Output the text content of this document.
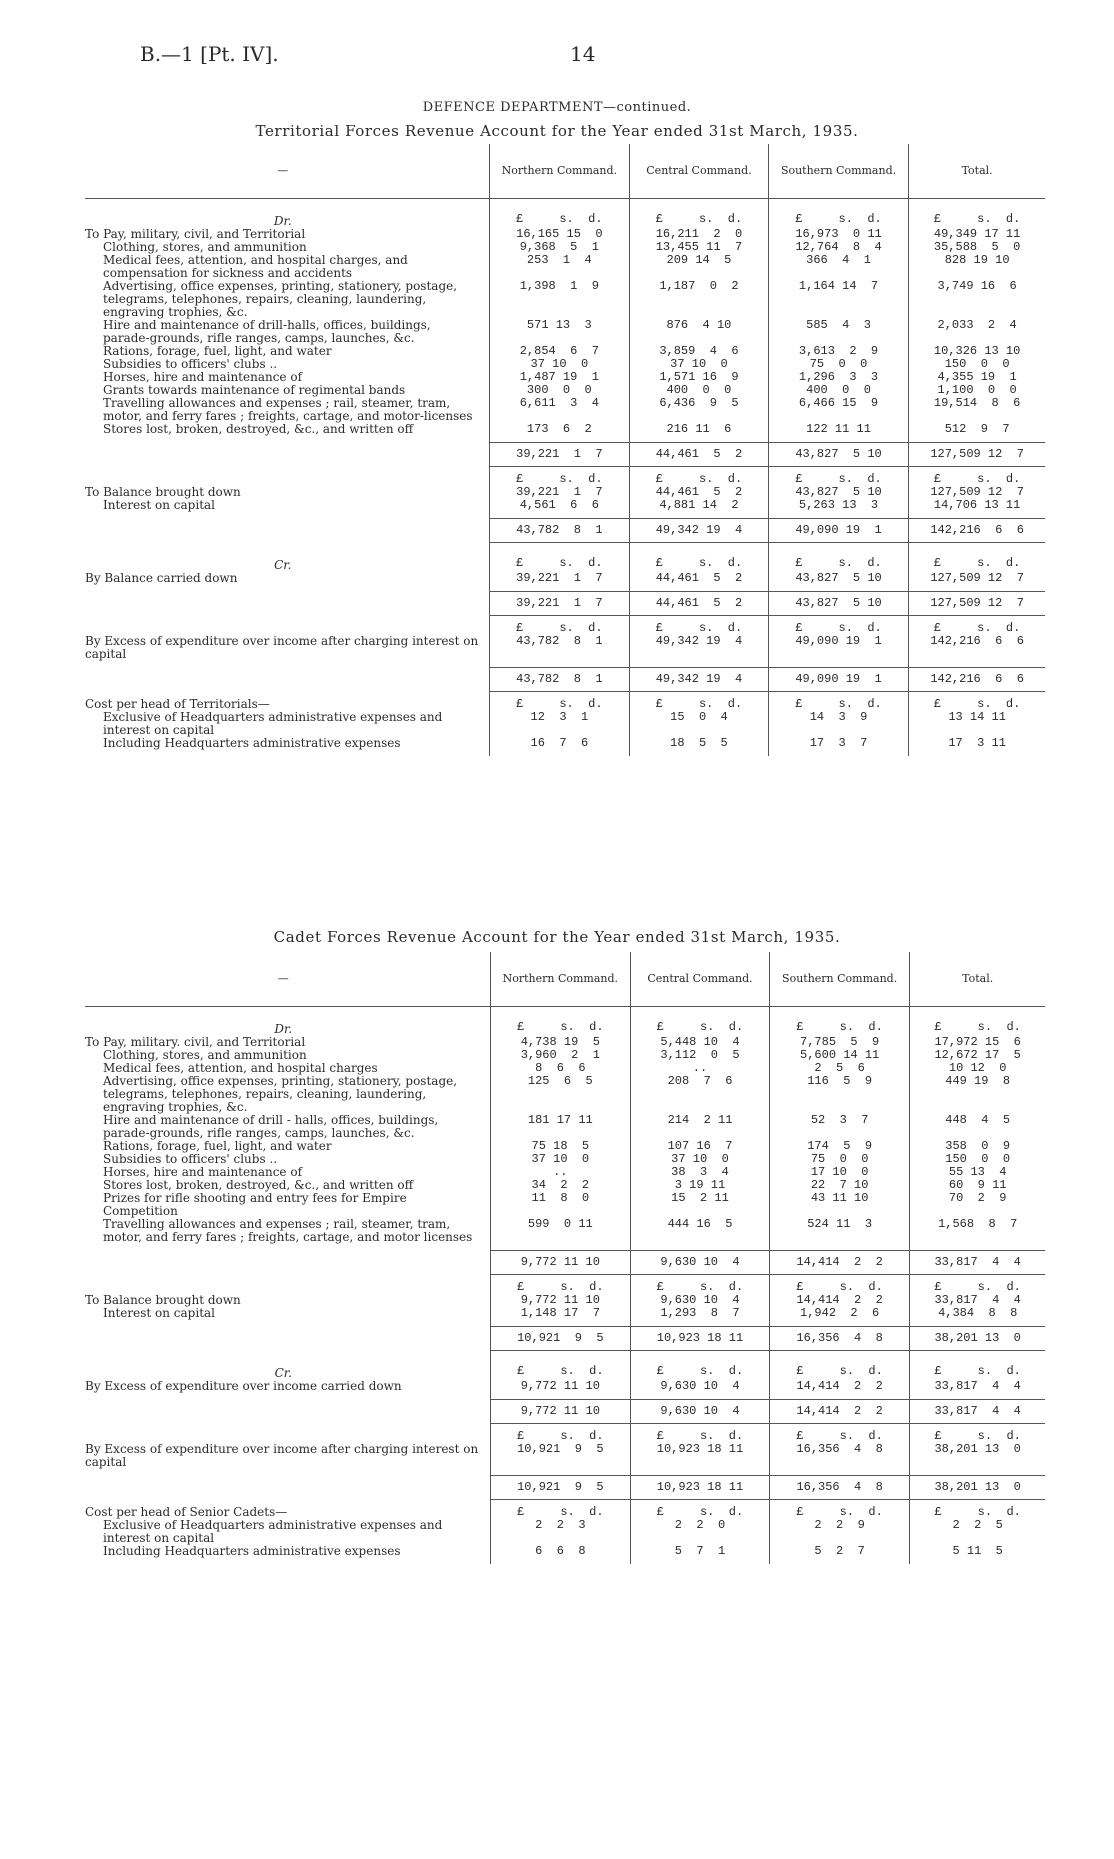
B.—1 [Pt. IV].	14
DEFENCE DEPARTMENT—continued.
Territorial Forces Revenue Account for the Year ended 31st March, 1935.
—	Northern Command.	Central Command.	Southern Command.	Total.

Dr.	£     s.  d.	£     s.  d.	£     s.  d.	£     s.  d.
To Pay, military, civil, and Territorial	16,165 15  0	16,211  2  0	16,973  0 11	49,349 17 11
Clothing, stores, and ammunition	9,368  5  1	13,455 11  7	12,764  8  4	35,588  5  0
Medical fees, attention, and hospital charges, and compensation for sickness and accidents	253  1  4	209 14  5	366  4  1	828 19 10
Advertising, office expenses, printing, stationery, postage, telegrams, telephones, repairs, cleaning, laundering, engraving trophies, &c.	1,398  1  9	1,187  0  2	1,164 14  7	3,749 16  6
Hire and maintenance of drill-halls, offices, buildings, parade-grounds, rifle ranges, camps, launches, &c.	571 13  3	876  4 10	585  4  3	2,033  2  4
Rations, forage, fuel, light, and water	2,854  6  7	3,859  4  6	3,613  2  9	10,326 13 10
Subsidies to officers' clubs ..	37 10  0	37 10  0	75  0  0	150  0  0
Horses, hire and maintenance of	1,487 19  1	1,571 16  9	1,296  3  3	4,355 19  1
Grants towards maintenance of regimental bands	300  0  0	400  0  0	400  0  0	1,100  0  0
Travelling allowances and expenses ; rail, steamer, tram, motor, and ferry fares ; freights, cartage, and motor-licenses	6,611  3  4	6,436  9  5	6,466 15  9	19,514  8  6
Stores lost, broken, destroyed, &c., and written off	173  6  2	216 11  6	122 11 11	512  9  7

	39,221  1  7	44,461  5  2	43,827  5 10	127,509 12  7

	£     s.  d.	£     s.  d.	£     s.  d.	£     s.  d.
To Balance brought down	39,221  1  7	44,461  5  2	43,827  5 10	127,509 12  7
Interest on capital	4,561  6  6	4,881 14  2	5,263 13  3	14,706 13 11

	43,782  8  1	49,342 19  4	49,090 19  1	142,216  6  6

Cr.	£     s.  d.	£     s.  d.	£     s.  d.	£     s.  d.
By Balance carried down	39,221  1  7	44,461  5  2	43,827  5 10	127,509 12  7

	39,221  1  7	44,461  5  2	43,827  5 10	127,509 12  7

	£     s.  d.	£     s.  d.	£     s.  d.	£     s.  d.
By Excess of expenditure over income after charging interest on capital	43,782  8  1	49,342 19  4	49,090 19  1	142,216  6  6

	43,782  8  1	49,342 19  4	49,090 19  1	142,216  6  6

Cost per head of Territorials—	£     s.  d.	£     s.  d.	£     s.  d.	£     s.  d.
Exclusive of Headquarters administrative expenses and interest on capital	12  3  1	15  0  4	14  3  9	13 14 11
Including Headquarters administrative expenses	16  7  6	18  5  5	17  3  7	17  3 11

Cadet Forces Revenue Account for the Year ended 31st March, 1935.
—	Northern Command.	Central Command.	Southern Command.	Total.

Dr.	£     s.  d.	£     s.  d.	£     s.  d.	£     s.  d.
To Pay, military. civil, and Territorial	4,738 19  5	5,448 10  4	7,785  5  9	17,972 15  6
Clothing, stores, and ammunition	3,960  2  1	3,112  0  5	5,600 14 11	12,672 17  5
Medical fees, attention, and hospital charges	8  6  6	..	2  5  6	10 12  0
Advertising, office expenses, printing, stationery, postage, telegrams, telephones, repairs, cleaning, laundering, engraving trophies, &c.	125  6  5	208  7  6	116  5  9	449 19  8
Hire and maintenance of drill - halls, offices, buildings, parade-grounds, rifle ranges, camps, launches, &c.	181 17 11	214  2 11	52  3  7	448  4  5
Rations, forage, fuel, light, and water	75 18  5	107 16  7	174  5  9	358  0  9
Subsidies to officers' clubs ..	37 10  0	37 10  0	75  0  0	150  0  0
Horses, hire and maintenance of	..	38  3  4	17 10  0	55 13  4
Stores lost, broken, destroyed, &c., and written off	34  2  2	3 19 11	22  7 10	60  9 11
Prizes for rifle shooting and entry fees for Empire Competition	11  8  0	15  2 11	43 11 10	70  2  9
Travelling allowances and expenses ; rail, steamer, tram, motor, and ferry fares ; freights, cartage, and motor licenses	599  0 11	444 16  5	524 11  3	1,568  8  7

	9,772 11 10	9,630 10  4	14,414  2  2	33,817  4  4

	£     s.  d.	£     s.  d.	£     s.  d.	£     s.  d.
To Balance brought down	9,772 11 10	9,630 10  4	14,414  2  2	33,817  4  4
Interest on capital	1,148 17  7	1,293  8  7	1,942  2  6	4,384  8  8

	10,921  9  5	10,923 18 11	16,356  4  8	38,201 13  0

Cr.	£     s.  d.	£     s.  d.	£     s.  d.	£     s.  d.
By Excess of expenditure over income carried down	9,772 11 10	9,630 10  4	14,414  2  2	33,817  4  4

	9,772 11 10	9,630 10  4	14,414  2  2	33,817  4  4

	£     s.  d.	£     s.  d.	£     s.  d.	£     s.  d.
By Excess of expenditure over income after charging interest on capital	10,921  9  5	10,923 18 11	16,356  4  8	38,201 13  0

	10,921  9  5	10,923 18 11	16,356  4  8	38,201 13  0

Cost per head of Senior Cadets—	£     s.  d.	£     s.  d.	£     s.  d.	£     s.  d.
Exclusive of Headquarters administrative expenses and interest on capital	2  2  3	2  2  0	2  2  9	2  2  5
Including Headquarters administrative expenses	6  6  8	5  7  1	5  2  7	5 11  5
